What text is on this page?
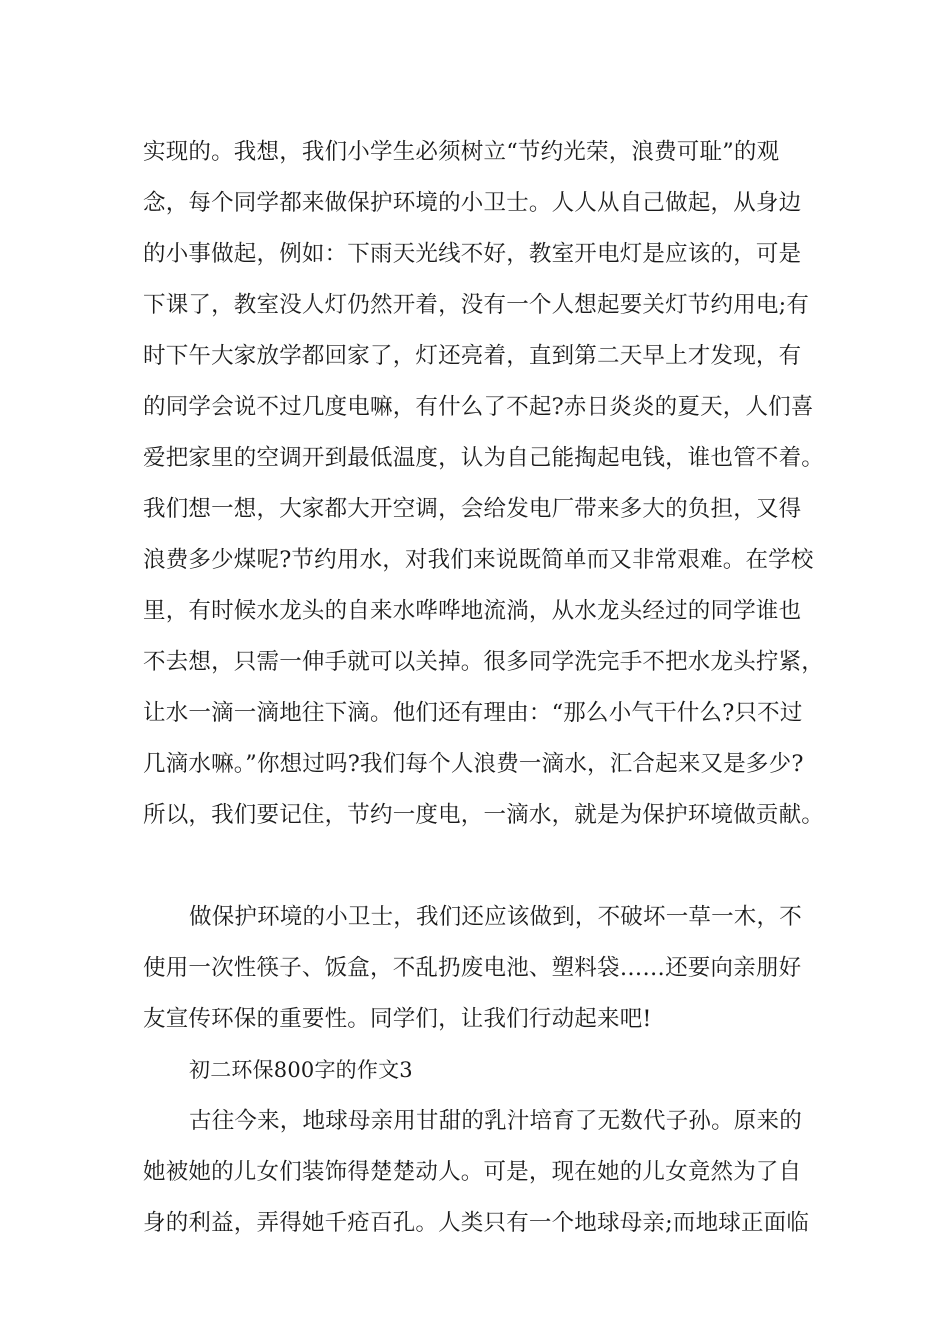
实现的。我想，我们小学生必须树立“节约光荣，浪费可耻”的观
念，每个同学都来做保护环境的小卫士。人人从自己做起，从身边
的小事做起，例如：下雨天光线不好，教室开电灯是应该的，可是
下课了，教室没人灯仍然开着，没有一个人想起要关灯节约用电;有
时下午大家放学都回家了，灯还亮着，直到第二天早上才发现，有
的同学会说不过几度电嘛，有什么了不起?赤日炎炎的夏天，人们喜
爱把家里的空调开到最低温度，认为自己能掏起电钱，谁也管不着。
我们想一想，大家都大开空调，会给发电厂带来多大的负担，又得
浪费多少煤呢?节约用水，对我们来说既简单而又非常艰难。在学校
里，有时候水龙头的自来水哗哗地流淌，从水龙头经过的同学谁也
不去想，只需一伸手就可以关掉。很多同学洗完手不把水龙头拧紧，
让水一滴一滴地往下滴。他们还有理由：“那么小气干什么?只不过
几滴水嘛。”你想过吗?我们每个人浪费一滴水，汇合起来又是多少?
所以，我们要记住，节约一度电，一滴水，就是为保护环境做贡献。
做保护环境的小卫士，我们还应该做到，不破坏一草一木，不
使用一次性筷子、饭盒，不乱扔废电池、塑料袋……还要向亲朋好
友宣传环保的重要性。同学们，让我们行动起来吧!
初二环保800字的作文3
古往今来，地球母亲用甘甜的乳汁培育了无数代子孙。原来的
她被她的儿女们装饰得楚楚动人。可是，现在她的儿女竟然为了自
身的利益，弄得她千疮百孔。人类只有一个地球母亲;而地球正面临
